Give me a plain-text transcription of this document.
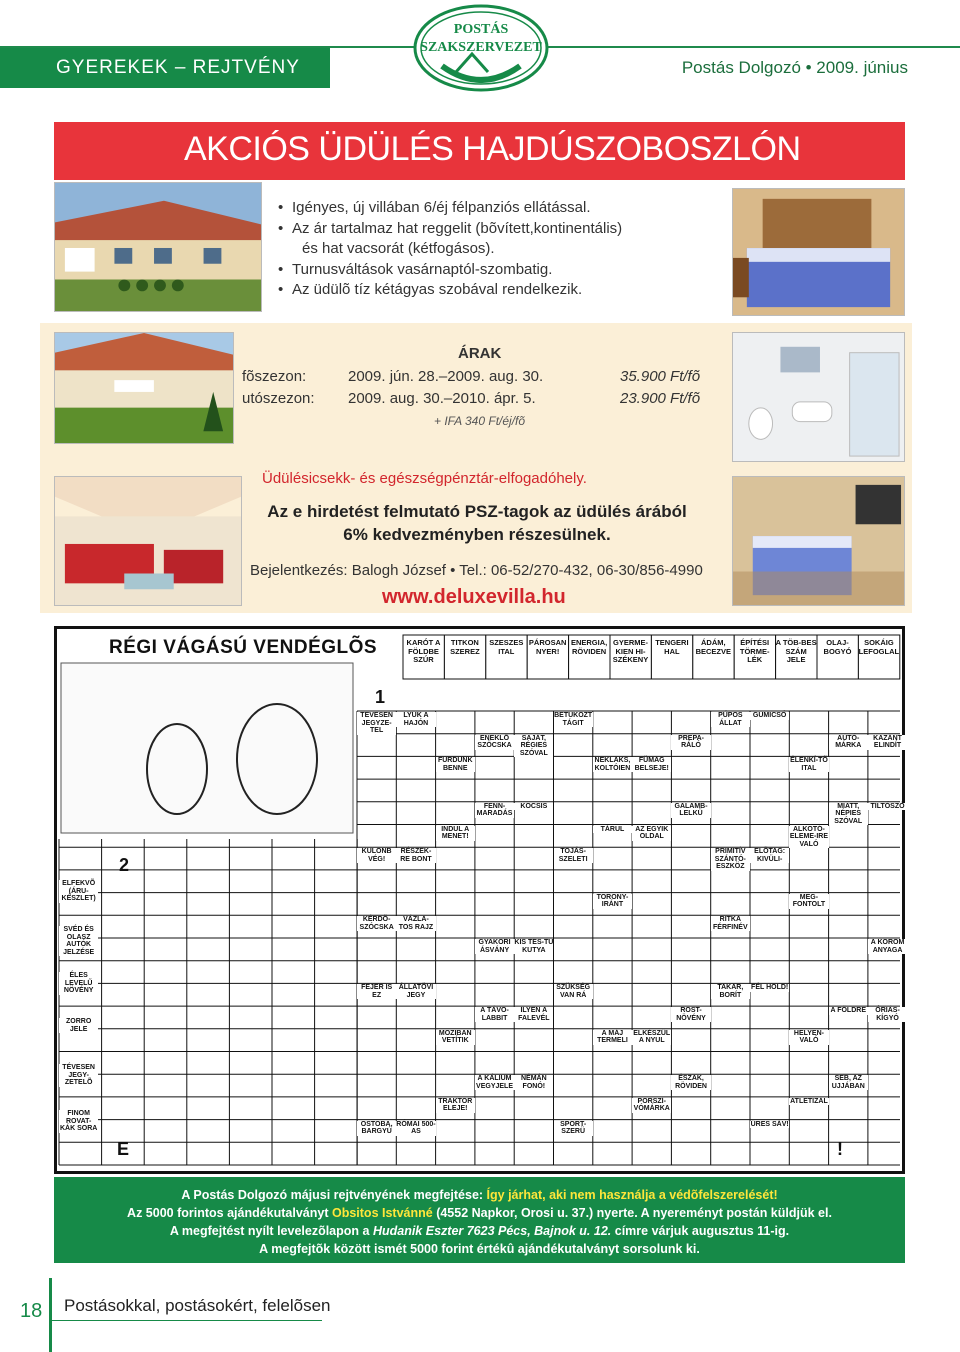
GYEREKEK – REJTVÉNY	Postás Dolgozó • 2009. június
POSTÁS
SZAKSZERVEZET
AKCIÓS ÜDÜLÉS HAJDÚSZOBOSZLÓN
• Igényes, új villában 6/éj félpanziós ellátással.
• Az ár tartalmaz hat reggelit (bõvített,kontinentális)
és hat vacsorát (kétfogásos).
• Turnusváltások vasárnaptól-szombatig.
• Az üdülõ tíz kétágyas szobával rendelkezik.
ÁRAK
fõszezon:	2009. jún. 28.–2009. aug. 30.	35.900 Ft/fõ
utószezon: 2009. aug. 30.–2010. ápr. 5.	23.900 Ft/fõ
+ IFA 340 Ft/éj/fõ
Üdülésicsekk- és egészségpénztár-elfogadóhely.
Az e hirdetést felmutató PSZ-tagok az üdülés árából
6% kedvezményben részesülnek.
Bejelentkezés: Balogh József • Tel.: 06-52/270-432, 06-30/856-4990
www.deluxevilla.hu
RÉGI VÁGÁSÚ VENDÉGLÕS	KARÓT A FÖLDBE SZÚR
TITKON SZEREZ
SZESZES ITAL
PÁROSAN NYER!
ENERGIA, RÖVIDEN
GYERME-KIEN HI-SZÉKENY
TENGERI HAL
ÁDÁM, BECEZVE
ÉPÍTÉSI TÖRME-LÉK
A TÖB-BES SZÁM JELE
OLAJ-BOGYÓ
SOKÁIG LEFOGLAL
TÉVESEN JEGYZE-TEL
SAJÁT, RÉGIES SZÓVAL
FÜMAG BELSEJE!
GUMICSÓ
AUTÓ-MÁRKA
FURDUNK BENNE
BETŰKOZT TÁGIT
PREPA-RÁLÓ
ÉLENKÍ-TÕ ITAL
LYUK A HAJÓN
ENEKLÕ SZÖCSKA
NEKLAKS, KOLTÓIEN
PÚPOS ÁLLAT
KAZÁNT ELINDÍT
KULONB VÉG!
KOCSIS
AZ EGYIK OLDAL
ELÕTAG: KIVÜLI-
MIATT, NÉPIES SZÓVAL
INDUL A MENET!
TOJÁS-SZELETI
GALAMB-LELKÜ
ALKOTÓ-ELEME-IRE VALÓ
RÉSZEK-RE BONT
FENN-MARADÁS
TÁRUL
PRIMITÍV SZÁNTÓ-ESZKÖZ
TILTÓSZÓ
KÉRDÕ-SZÓCSKA
KIS TES-TÜ KUTYA
ELFEKVÕ (ÁRU-KÉSZLET)
SVÉD ÉS OLASZ AUTÓK JELZÉSE
ÉLES LEVELŰ NÖVÉNY
ZORRO JELE
TÉVESEN JEGY-ZETELÕ
FINOM ROVAT-KÁK SORA
MEG-FONTOLT
VÁZLA-TOS RAJZ
GYAKORI ÁSVÁNY
TORONY-IRÁNT
RITKA FÉRFINÉV
A KOROM ANYAGA
FEJER IS EZ
ILYEN A FALEVÉL
ELKÉSZÜL A NYUL
FÉL HOLD!
A FÖLDRE
MOZIBAN VETÍTIK
SZÜKSÉG VAN RÁ
ROST-NÖVÉNY
HELYEN-VALÓ
ÁLLATÖVI JEGY
A TÁVO-LABBIT
A MÁJ TERMELI
TAKAR, BORÍT
ÓRIÁS-KÍGYÓ
OSTOBA, BARGYÚ
NÉMÁN FONÓ!
PORSZÍ-VÓMÁRKA
ÜRES SÁV!
SEB, AZ UJJÁBAN
TRAKTOR ELEJE!
SPORT-SZERÜ
ÉSZAK, RÖVIDEN
ATLETIZÁL
RÓMAI 500-AS
A KÁLIUM VEGYJELE
1
2
E	!
A Postás Dolgozó májusi rejtvényének megfejtése: Így járhat, aki nem használja a védõfelszerelését!
Az 5000 forintos ajándékutalványt Obsitos Istvánné (4552 Napkor, Orosi u. 37.) nyerte. A nyereményt postán küldjük el.
A megfejtést nyílt levelezõlapon a Hudanik Eszter 7623 Pécs, Bajnok u. 12. címre várjuk augusztus 11-ig.
A megfejtõk között ismét 5000 forint értékû ajándékutalványt sorsolunk ki.
18 Postásokkal, postásokért, felelõsen
